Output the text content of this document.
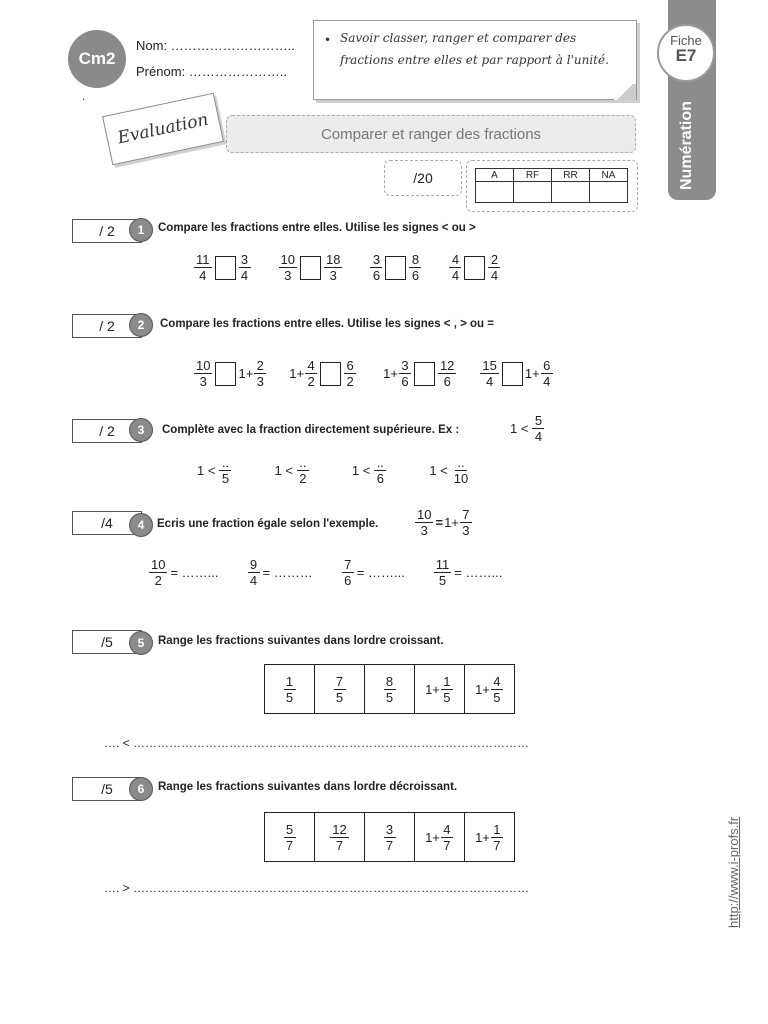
Cm2
Nom: ………………………..
Prénom: …………………..
.
• Savoir classer, ranger et comparer des fractions entre elles et par rapport à l'unité.
Numération
Fiche
E7
Evaluation	Comparer et ranger des fractions
/20	A	RF	RR	NA

/ 2	1	Compare les fractions entre elles. Utilise les signes < ou >
$\frac{11}{4} \frac{3}{4} \frac{10}{3} \frac{18}{3} \frac{3}{6} \frac{8}{6} \frac{4}{4} \frac{2}{4}$
/ 2	2	Compare les fractions entre elles. Utilise les signes < , > ou =
$\frac{10}{3} 1+ \frac{2}{3} 1+ \frac{4}{2} \frac{6}{2} 1+ \frac{3}{6} \frac{12}{6} \frac{15}{4} 1+ \frac{6}{4}$
/ 2	3	Complète avec la fraction directement supérieure. Ex :	$1 < \frac{5}{4}$
$1 < \frac{..}{5}$	$1 < \frac{..}{2}$	$1 < \frac{..}{6}$	$1 < \frac{..}{10}$
/4	4	Ecris une fraction égale selon l'exemple.	$\frac{10}{3} = 1+ \frac{7}{3}$
$\frac{10}{2}$ = ……... $\frac{9}{4}$ = ……… $\frac{7}{6}$ = ……... $\frac{11}{5}$ = ……...
/5	5	Range les fractions suivantes dans lordre croissant.
$\frac{1}{5}$	$\frac{7}{5}$	$\frac{8}{5}$	$1+ \frac{1}{5}$	$1+ \frac{4}{5}$
…. < ………………………………………………………………………………………
/5	6	Range les fractions suivantes dans lordre décroissant.
$\frac{5}{7}$	$\frac{12}{7}$	$\frac{3}{7}$	$1+ \frac{4}{7}$	$1+ \frac{1}{7}$
…. > ………………………………………………………………………………………	http://www.i-profs.fr
